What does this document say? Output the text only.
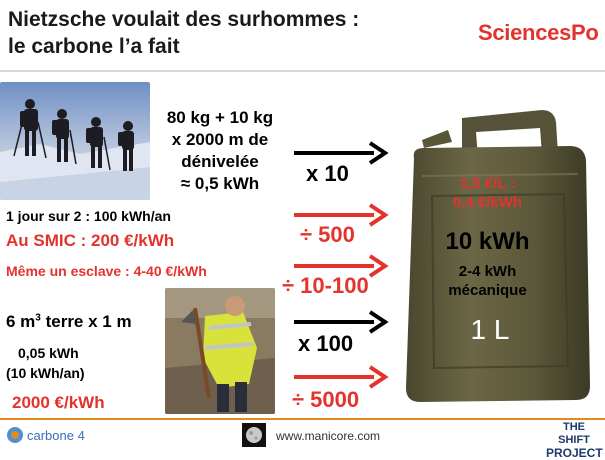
Nietzsche voulait des surhommes :
le carbone l’a fait
SciencesPo
80 kg + 10 kg
x 2000 m de
dénivelée
≈ 0,5 kWh
1 jour sur 2 : 100 kWh/an
Au SMIC : 200 €/kWh
Même un esclave : 4-40 €/kWh
6 $m^3$ terre x 1 m
0,05 kWh
(10 kWh/an)
2000 €/kWh
x 10
÷ 500
÷ 10-100
x 100
÷ 5000
1,5 €/L :
0,4 €/kWh
10 kWh
2-4 kWh
mécanique
1 L
carbone 4	www.manicore.com
THE SHIFT
PROJECT
